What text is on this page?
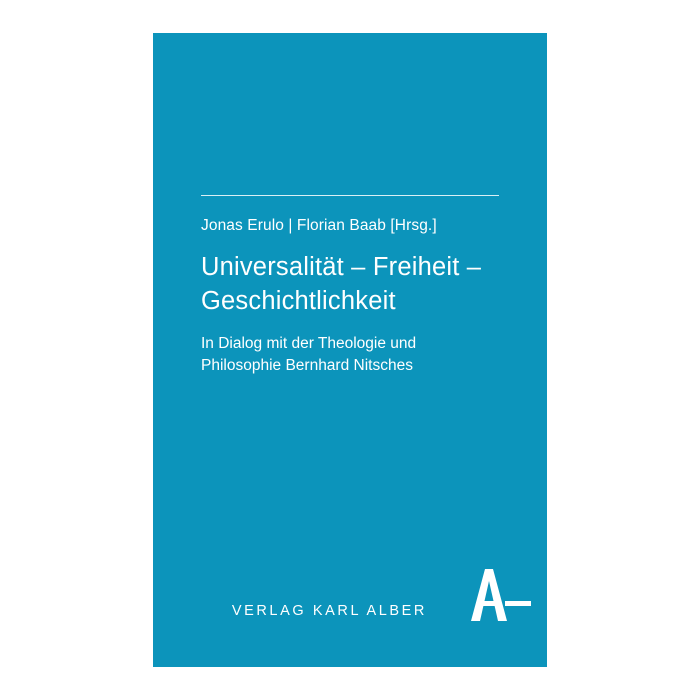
Jonas Erulo | Florian Baab [Hrsg.]
Universalität – Freiheit –
Geschichtlichkeit
In Dialog mit der Theologie und
Philosophie Bernhard Nitsches
VERLAG KARL ALBER
